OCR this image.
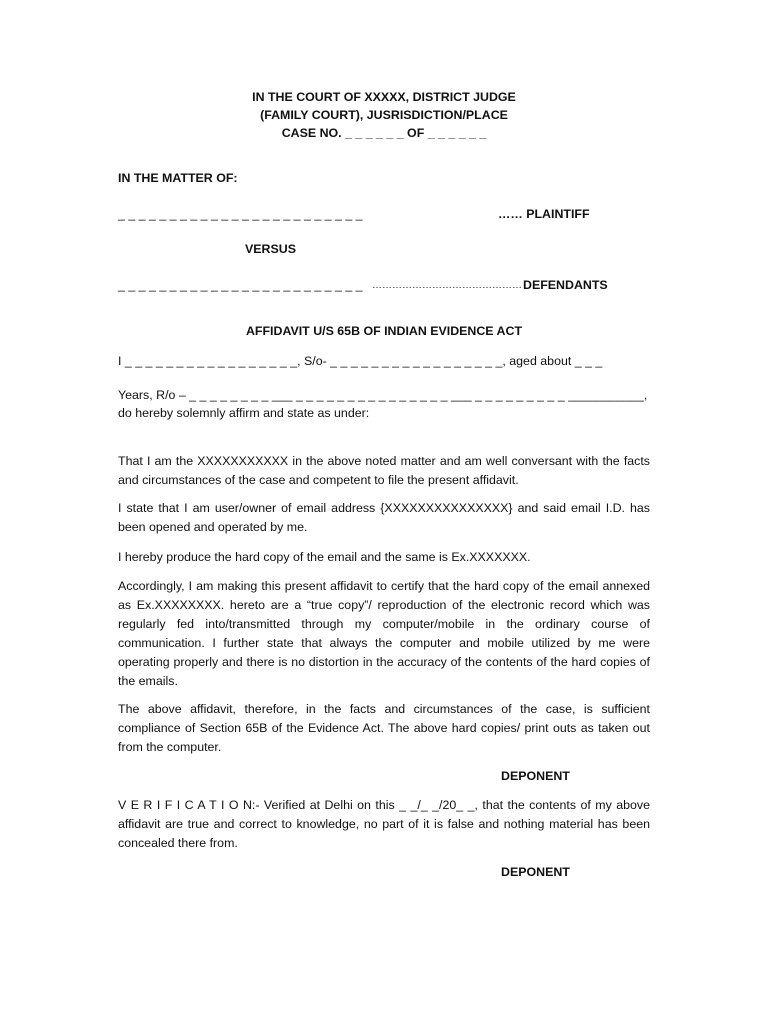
IN THE COURT OF XXXXX, DISTRICT JUDGE
(FAMILY COURT), JUSRISDICTION/PLACE
CASE NO. _ _ _ _ _ _ OF _ _ _ _ _ _
IN THE MATTER OF:
_ _ _ _ _ _ _ _ _ _ _ _ _ _ _ _ _ _ _ _ _ _ _ _	…… PLAINTIFF
VERSUS
_ _ _ _ _ _ _ _ _ _ _ _ _ _ _ _ _ _ _ _ _ _ _ _ ……………………………………… DEFENDANTS
AFFIDAVIT U/S 65B OF INDIAN EVIDENCE ACT
I _ _ _ _ _ _ _ _ _ _ _ _ _ _ _ _ _, S/o- _ _ _ _ _ _ _ _ _ _ _ _ _ _ _ _ _, aged about _ _ _
Years, R/o – _ _ _ _ _ _ _ _ ___ _ _ _ _ _ _ _ _ _ _ _ _ _ _ _ ___ _ _ _ _ _ _ _ _ _ ___________,
do hereby solemnly affirm and state as under:
That I am the XXXXXXXXXXX in the above noted matter and am well conversant with the facts and circumstances of the case and competent to file the present affidavit.
I state that I am user/owner of email address {XXXXXXXXXXXXXXX} and said email I.D. has been opened and operated by me.
I hereby produce the hard copy of the email and the same is Ex.XXXXXXX.
Accordingly, I am making this present affidavit to certify that the hard copy of the email annexed as Ex.XXXXXXXX. hereto are a “true copy”/ reproduction of the electronic record which was regularly fed into/transmitted through my computer/mobile in the ordinary course of communication. I further state that always the computer and mobile utilized by me were operating properly and there is no distortion in the accuracy of the contents of the hard copies of the emails.
The above affidavit, therefore, in the facts and circumstances of the case, is sufficient compliance of Section 65B of the Evidence Act. The above hard copies/ print outs as taken out from the computer.
DEPONENT
V E R I F I C A T I O N:- Verified at Delhi on this _ _/_ _/20_ _, that the contents of my above affidavit are true and correct to knowledge, no part of it is false and nothing material has been concealed there from.
DEPONENT
